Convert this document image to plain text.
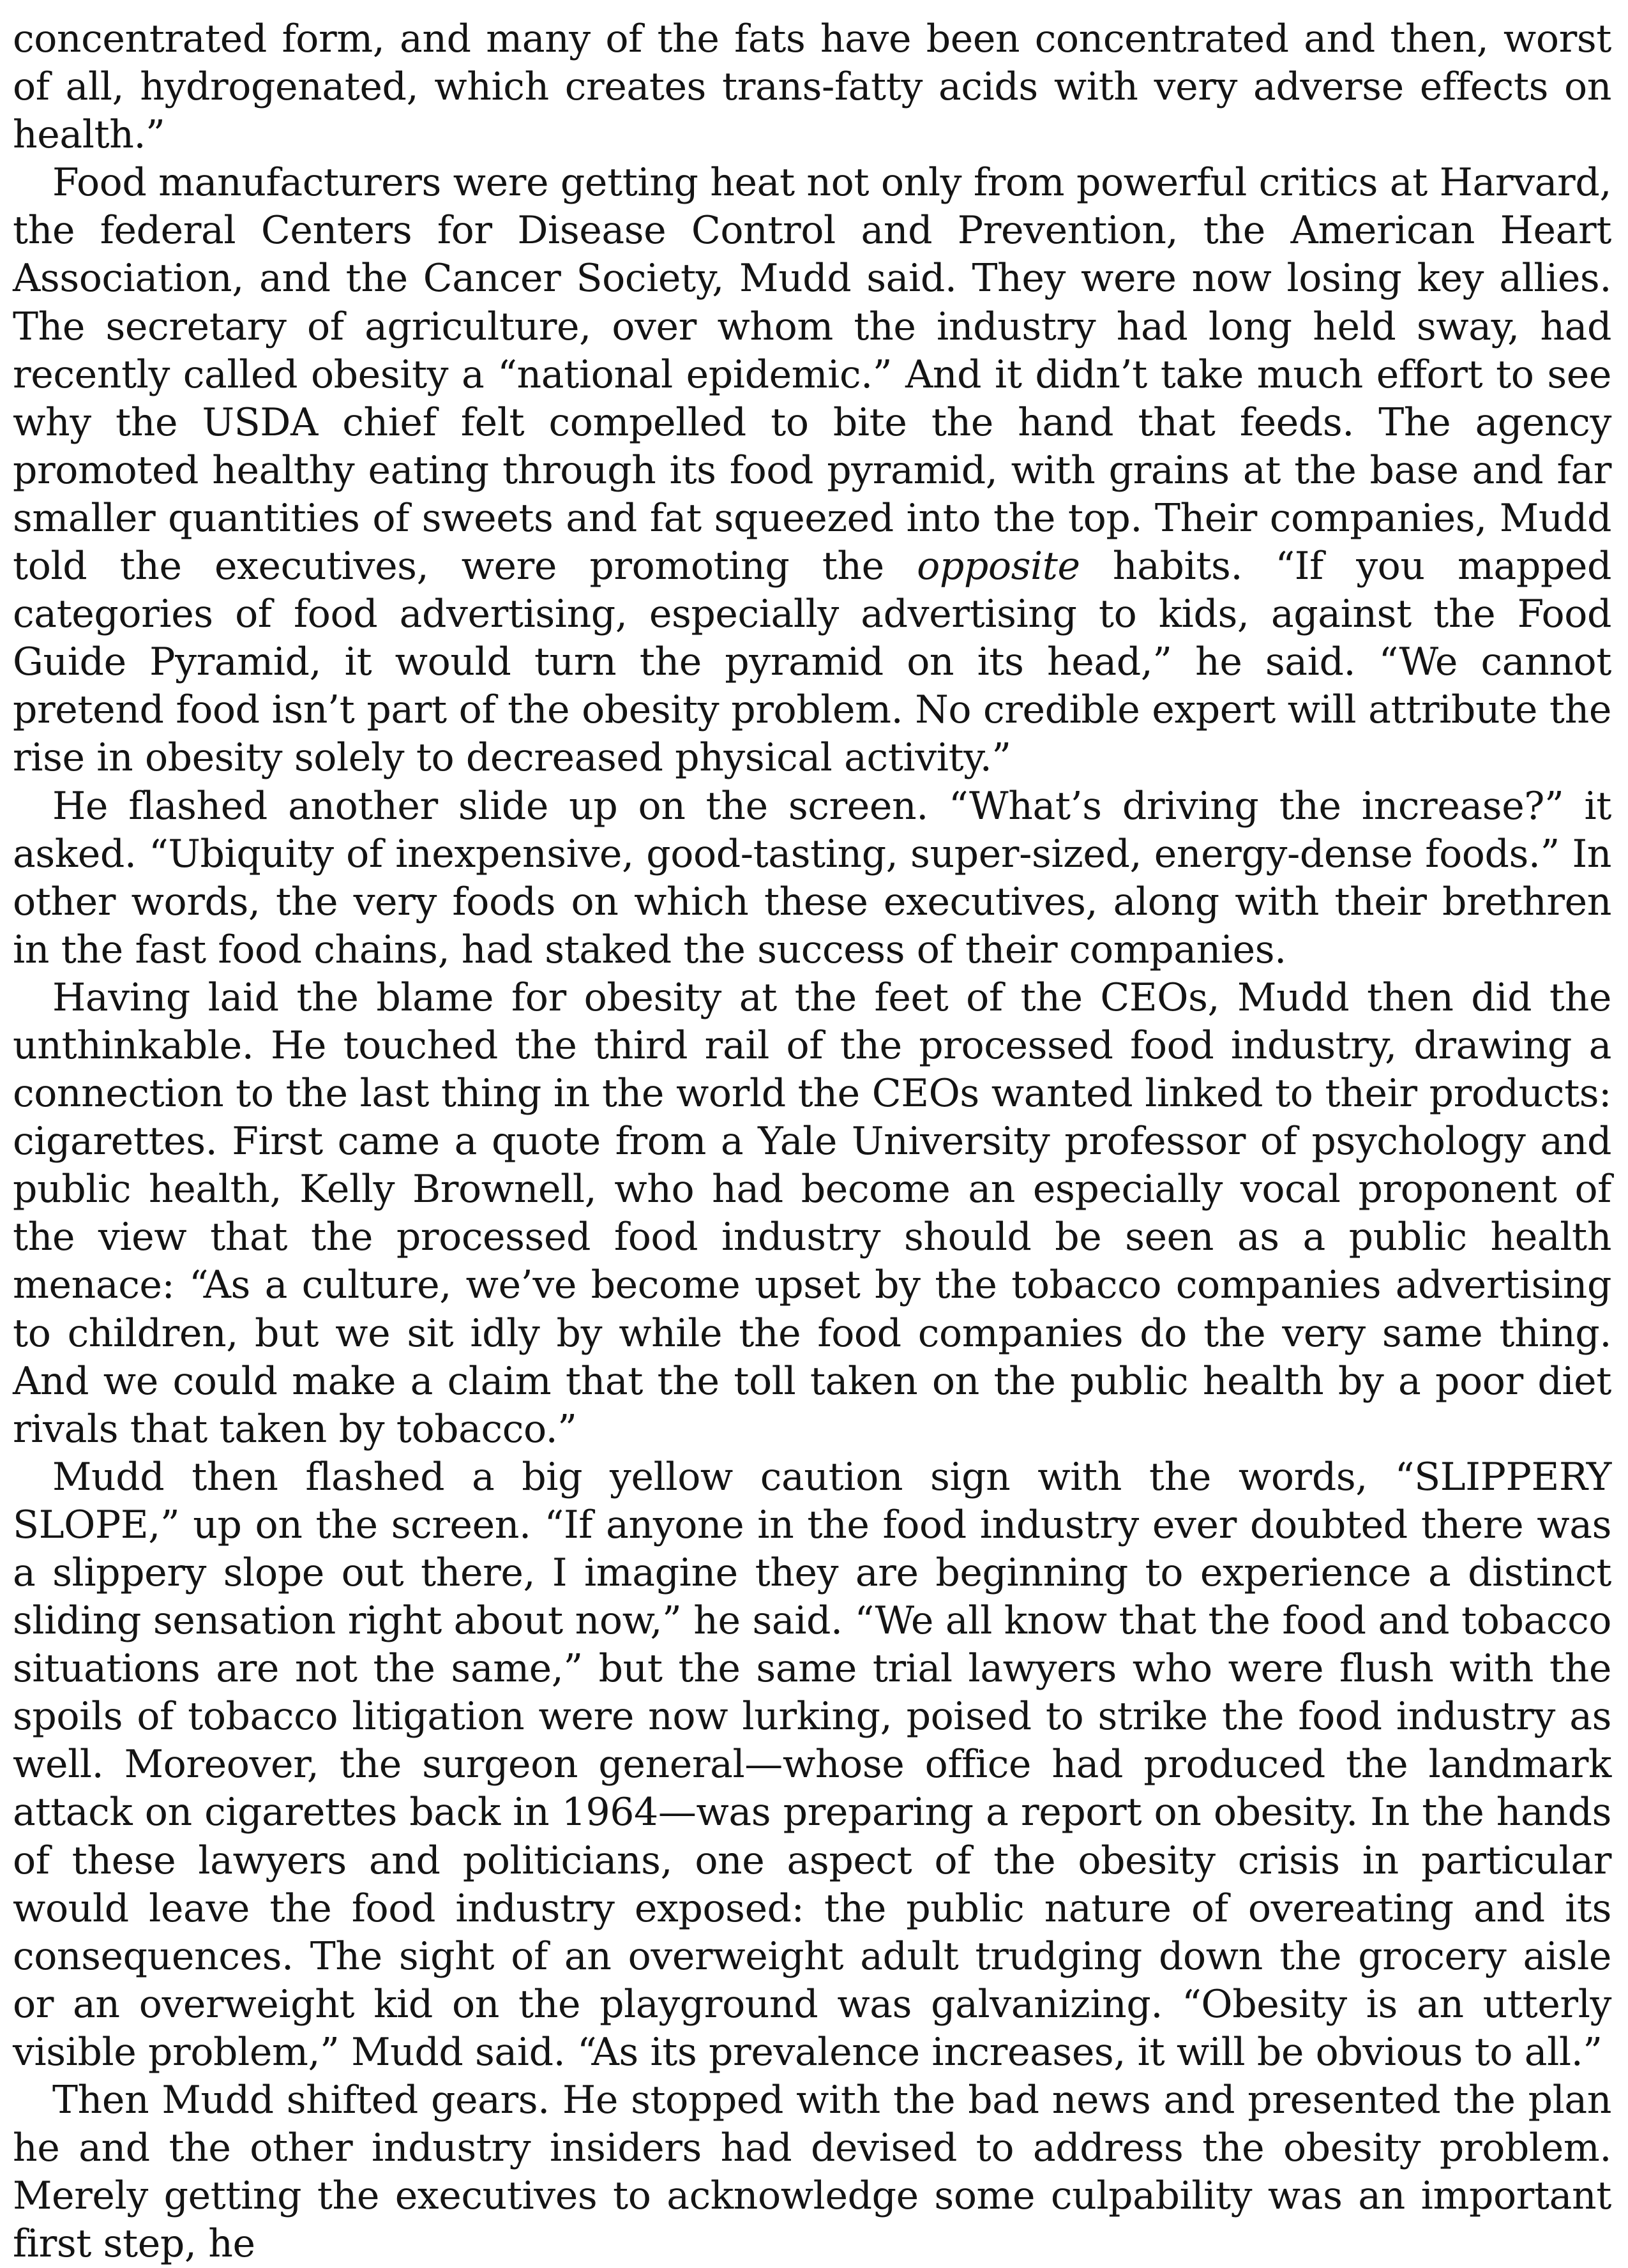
concentrated form, and many of the fats have been concentrated and then, worst of all, hydrogenated, which creates trans-fatty acids with very adverse effects on health.”

Food manufacturers were getting heat not only from powerful critics at Harvard, the federal Centers for Disease Control and Prevention, the American Heart Association, and the Cancer Society, Mudd said. They were now losing key allies. The secretary of agriculture, over whom the industry had long held sway, had recently called obesity a “national epidemic.” And it didn’t take much effort to see why the USDA chief felt compelled to bite the hand that feeds. The agency promoted healthy eating through its food pyramid, with grains at the base and far smaller quantities of sweets and fat squeezed into the top. Their companies, Mudd told the executives, were promoting the opposite habits. “If you mapped categories of food advertising, especially advertising to kids, against the Food Guide Pyramid, it would turn the pyramid on its head,” he said. “We cannot pretend food isn’t part of the obesity problem. No credible expert will attribute the rise in obesity solely to decreased physical activity.”

He flashed another slide up on the screen. “What’s driving the increase?” it asked. “Ubiquity of inexpensive, good-tasting, super-sized, energy-dense foods.” In other words, the very foods on which these executives, along with their brethren in the fast food chains, had staked the success of their companies.

Having laid the blame for obesity at the feet of the CEOs, Mudd then did the unthinkable. He touched the third rail of the processed food industry, drawing a connection to the last thing in the world the CEOs wanted linked to their products: cigarettes. First came a quote from a Yale University professor of psychology and public health, Kelly Brownell, who had become an especially vocal proponent of the view that the processed food industry should be seen as a public health menace: “As a culture, we’ve become upset by the tobacco companies advertising to children, but we sit idly by while the food companies do the very same thing. And we could make a claim that the toll taken on the public health by a poor diet rivals that taken by tobacco.”

Mudd then flashed a big yellow caution sign with the words, “SLIPPERY SLOPE,” up on the screen. “If anyone in the food industry ever doubted there was a slippery slope out there, I imagine they are beginning to experience a distinct sliding sensation right about now,” he said. “We all know that the food and tobacco situations are not the same,” but the same trial lawyers who were flush with the spoils of tobacco litigation were now lurking, poised to strike the food industry as well. Moreover, the surgeon general—whose office had produced the landmark attack on cigarettes back in 1964—was preparing a report on obesity. In the hands of these lawyers and politicians, one aspect of the obesity crisis in particular would leave the food industry exposed: the public nature of overeating and its consequences. The sight of an overweight adult trudging down the grocery aisle or an overweight kid on the playground was galvanizing. “Obesity is an utterly visible problem,” Mudd said. “As its prevalence increases, it will be obvious to all.”

Then Mudd shifted gears. He stopped with the bad news and presented the plan he and the other industry insiders had devised to address the obesity problem. Merely getting the executives to acknowledge some culpability was an important first step, he
